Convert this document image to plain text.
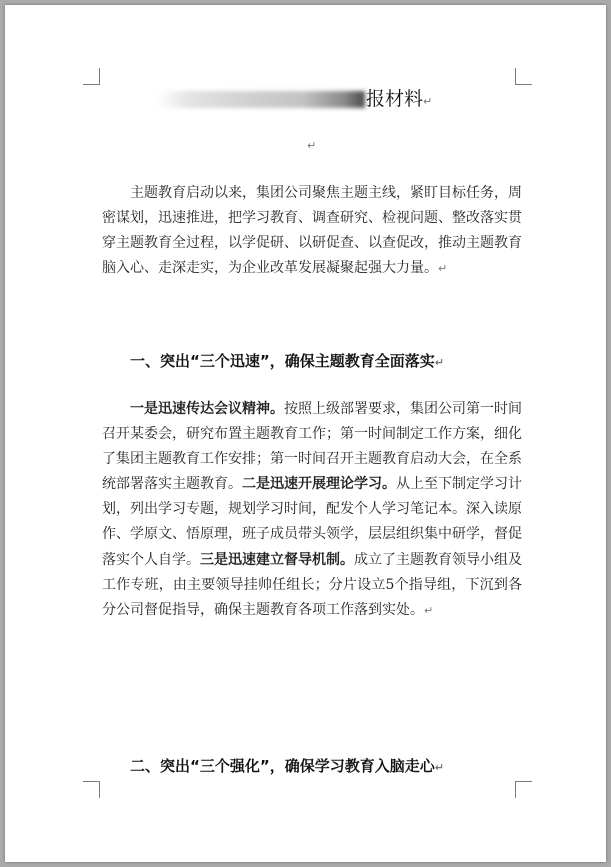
报材料↵
↵

主题教育启动以来，集团公司聚焦主题主线，紧盯目标任务，周密谋划，迅速推进，把学习教育、调查研究、检视问题、整改落实贯穿主题教育全过程，以学促研、以研促查、以查促改，推动主题教育脑入心、走深走实，为企业改革发展凝聚起强大力量。↵

一、突出“三个迅速”，确保主题教育全面落实↵

一是迅速传达会议精神。按照上级部署要求，集团公司第一时间召开某委会，研究布置主题教育工作；第一时间制定工作方案，细化了集团主题教育工作安排；第一时间召开主题教育启动大会，在全系统部署落实主题教育。二是迅速开展理论学习。从上至下制定学习计划，列出学习专题，规划学习时间，配发个人学习笔记本。深入读原作、学原文、悟原理，班子成员带头领学，层层组织集中研学，督促落实个人自学。三是迅速建立督导机制。成立了主题教育领导小组及工作专班，由主要领导挂帅任组长；分片设立5个指导组，下沉到各分公司督促指导，确保主题教育各项工作落到实处。↵

二、突出“三个强化”，确保学习教育入脑走心↵
